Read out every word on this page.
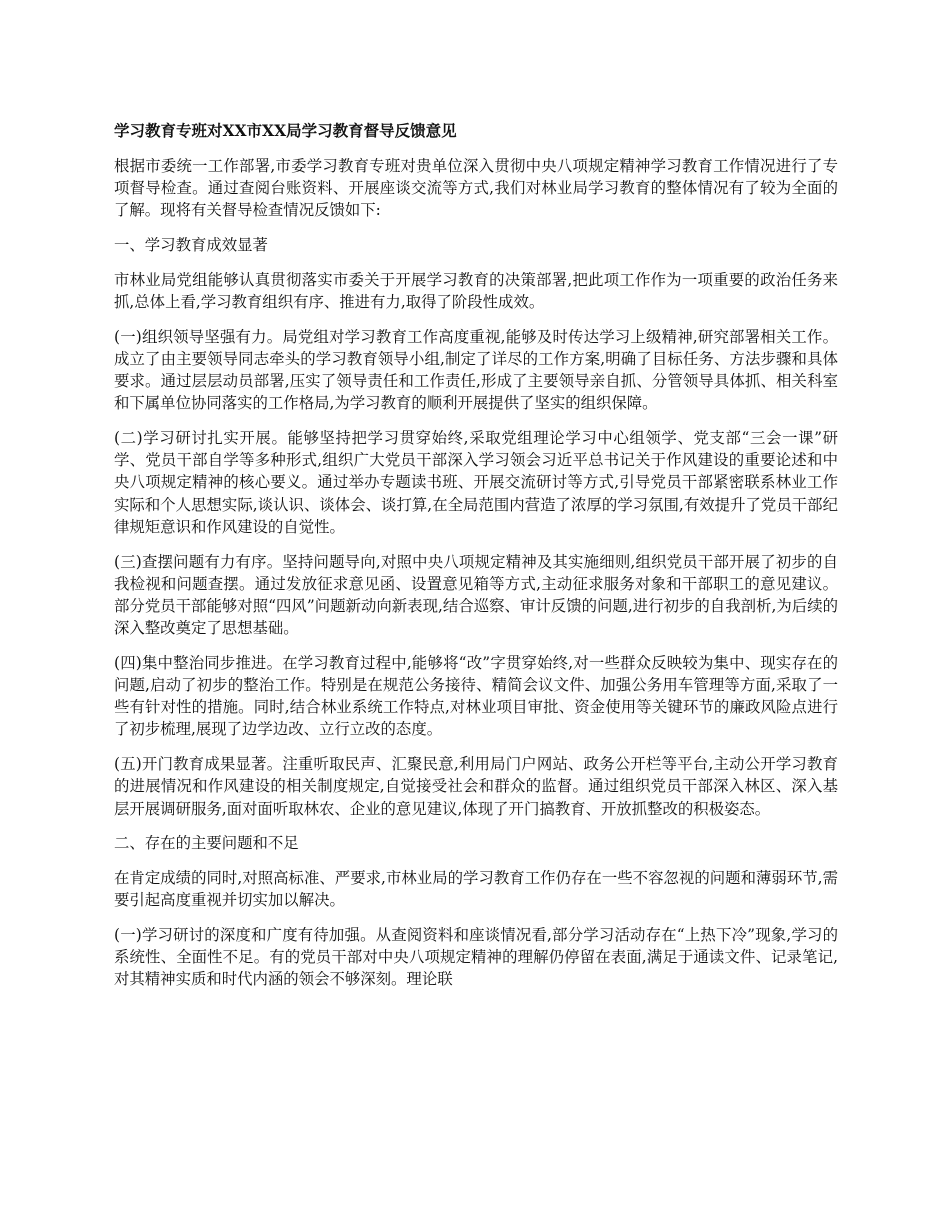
学习教育专班对XX市XX局学习教育督导反馈意见

根据市委统一工作部署,市委学习教育专班对贵单位深入贯彻中央八项规定精神学习教育工作情况进行了专项督导检查。通过查阅台账资料、开展座谈交流等方式,我们对林业局学习教育的整体情况有了较为全面的了解。现将有关督导检查情况反馈如下:

一、学习教育成效显著

市林业局党组能够认真贯彻落实市委关于开展学习教育的决策部署,把此项工作作为一项重要的政治任务来抓,总体上看,学习教育组织有序、推进有力,取得了阶段性成效。

(一)组织领导坚强有力。局党组对学习教育工作高度重视,能够及时传达学习上级精神,研究部署相关工作。成立了由主要领导同志牵头的学习教育领导小组,制定了详尽的工作方案,明确了目标任务、方法步骤和具体要求。通过层层动员部署,压实了领导责任和工作责任,形成了主要领导亲自抓、分管领导具体抓、相关科室和下属单位协同落实的工作格局,为学习教育的顺利开展提供了坚实的组织保障。

(二)学习研讨扎实开展。能够坚持把学习贯穿始终,采取党组理论学习中心组领学、党支部“三会一课”研学、党员干部自学等多种形式,组织广大党员干部深入学习领会习近平总书记关于作风建设的重要论述和中央八项规定精神的核心要义。通过举办专题读书班、开展交流研讨等方式,引导党员干部紧密联系林业工作实际和个人思想实际,谈认识、谈体会、谈打算,在全局范围内营造了浓厚的学习氛围,有效提升了党员干部纪律规矩意识和作风建设的自觉性。

(三)查摆问题有力有序。坚持问题导向,对照中央八项规定精神及其实施细则,组织党员干部开展了初步的自我检视和问题查摆。通过发放征求意见函、设置意见箱等方式,主动征求服务对象和干部职工的意见建议。部分党员干部能够对照“四风”问题新动向新表现,结合巡察、审计反馈的问题,进行初步的自我剖析,为后续的深入整改奠定了思想基础。

(四)集中整治同步推进。在学习教育过程中,能够将“改”字贯穿始终,对一些群众反映较为集中、现实存在的问题,启动了初步的整治工作。特别是在规范公务接待、精简会议文件、加强公务用车管理等方面,采取了一些有针对性的措施。同时,结合林业系统工作特点,对林业项目审批、资金使用等关键环节的廉政风险点进行了初步梳理,展现了边学边改、立行立改的态度。

(五)开门教育成果显著。注重听取民声、汇聚民意,利用局门户网站、政务公开栏等平台,主动公开学习教育的进展情况和作风建设的相关制度规定,自觉接受社会和群众的监督。通过组织党员干部深入林区、深入基层开展调研服务,面对面听取林农、企业的意见建议,体现了开门搞教育、开放抓整改的积极姿态。

二、存在的主要问题和不足

在肯定成绩的同时,对照高标准、严要求,市林业局的学习教育工作仍存在一些不容忽视的问题和薄弱环节,需要引起高度重视并切实加以解决。

(一)学习研讨的深度和广度有待加强。从查阅资料和座谈情况看,部分学习活动存在“上热下冷”现象,学习的系统性、全面性不足。有的党员干部对中央八项规定精神的理解仍停留在表面,满足于通读文件、记录笔记,对其精神实质和时代内涵的领会不够深刻。理论联
